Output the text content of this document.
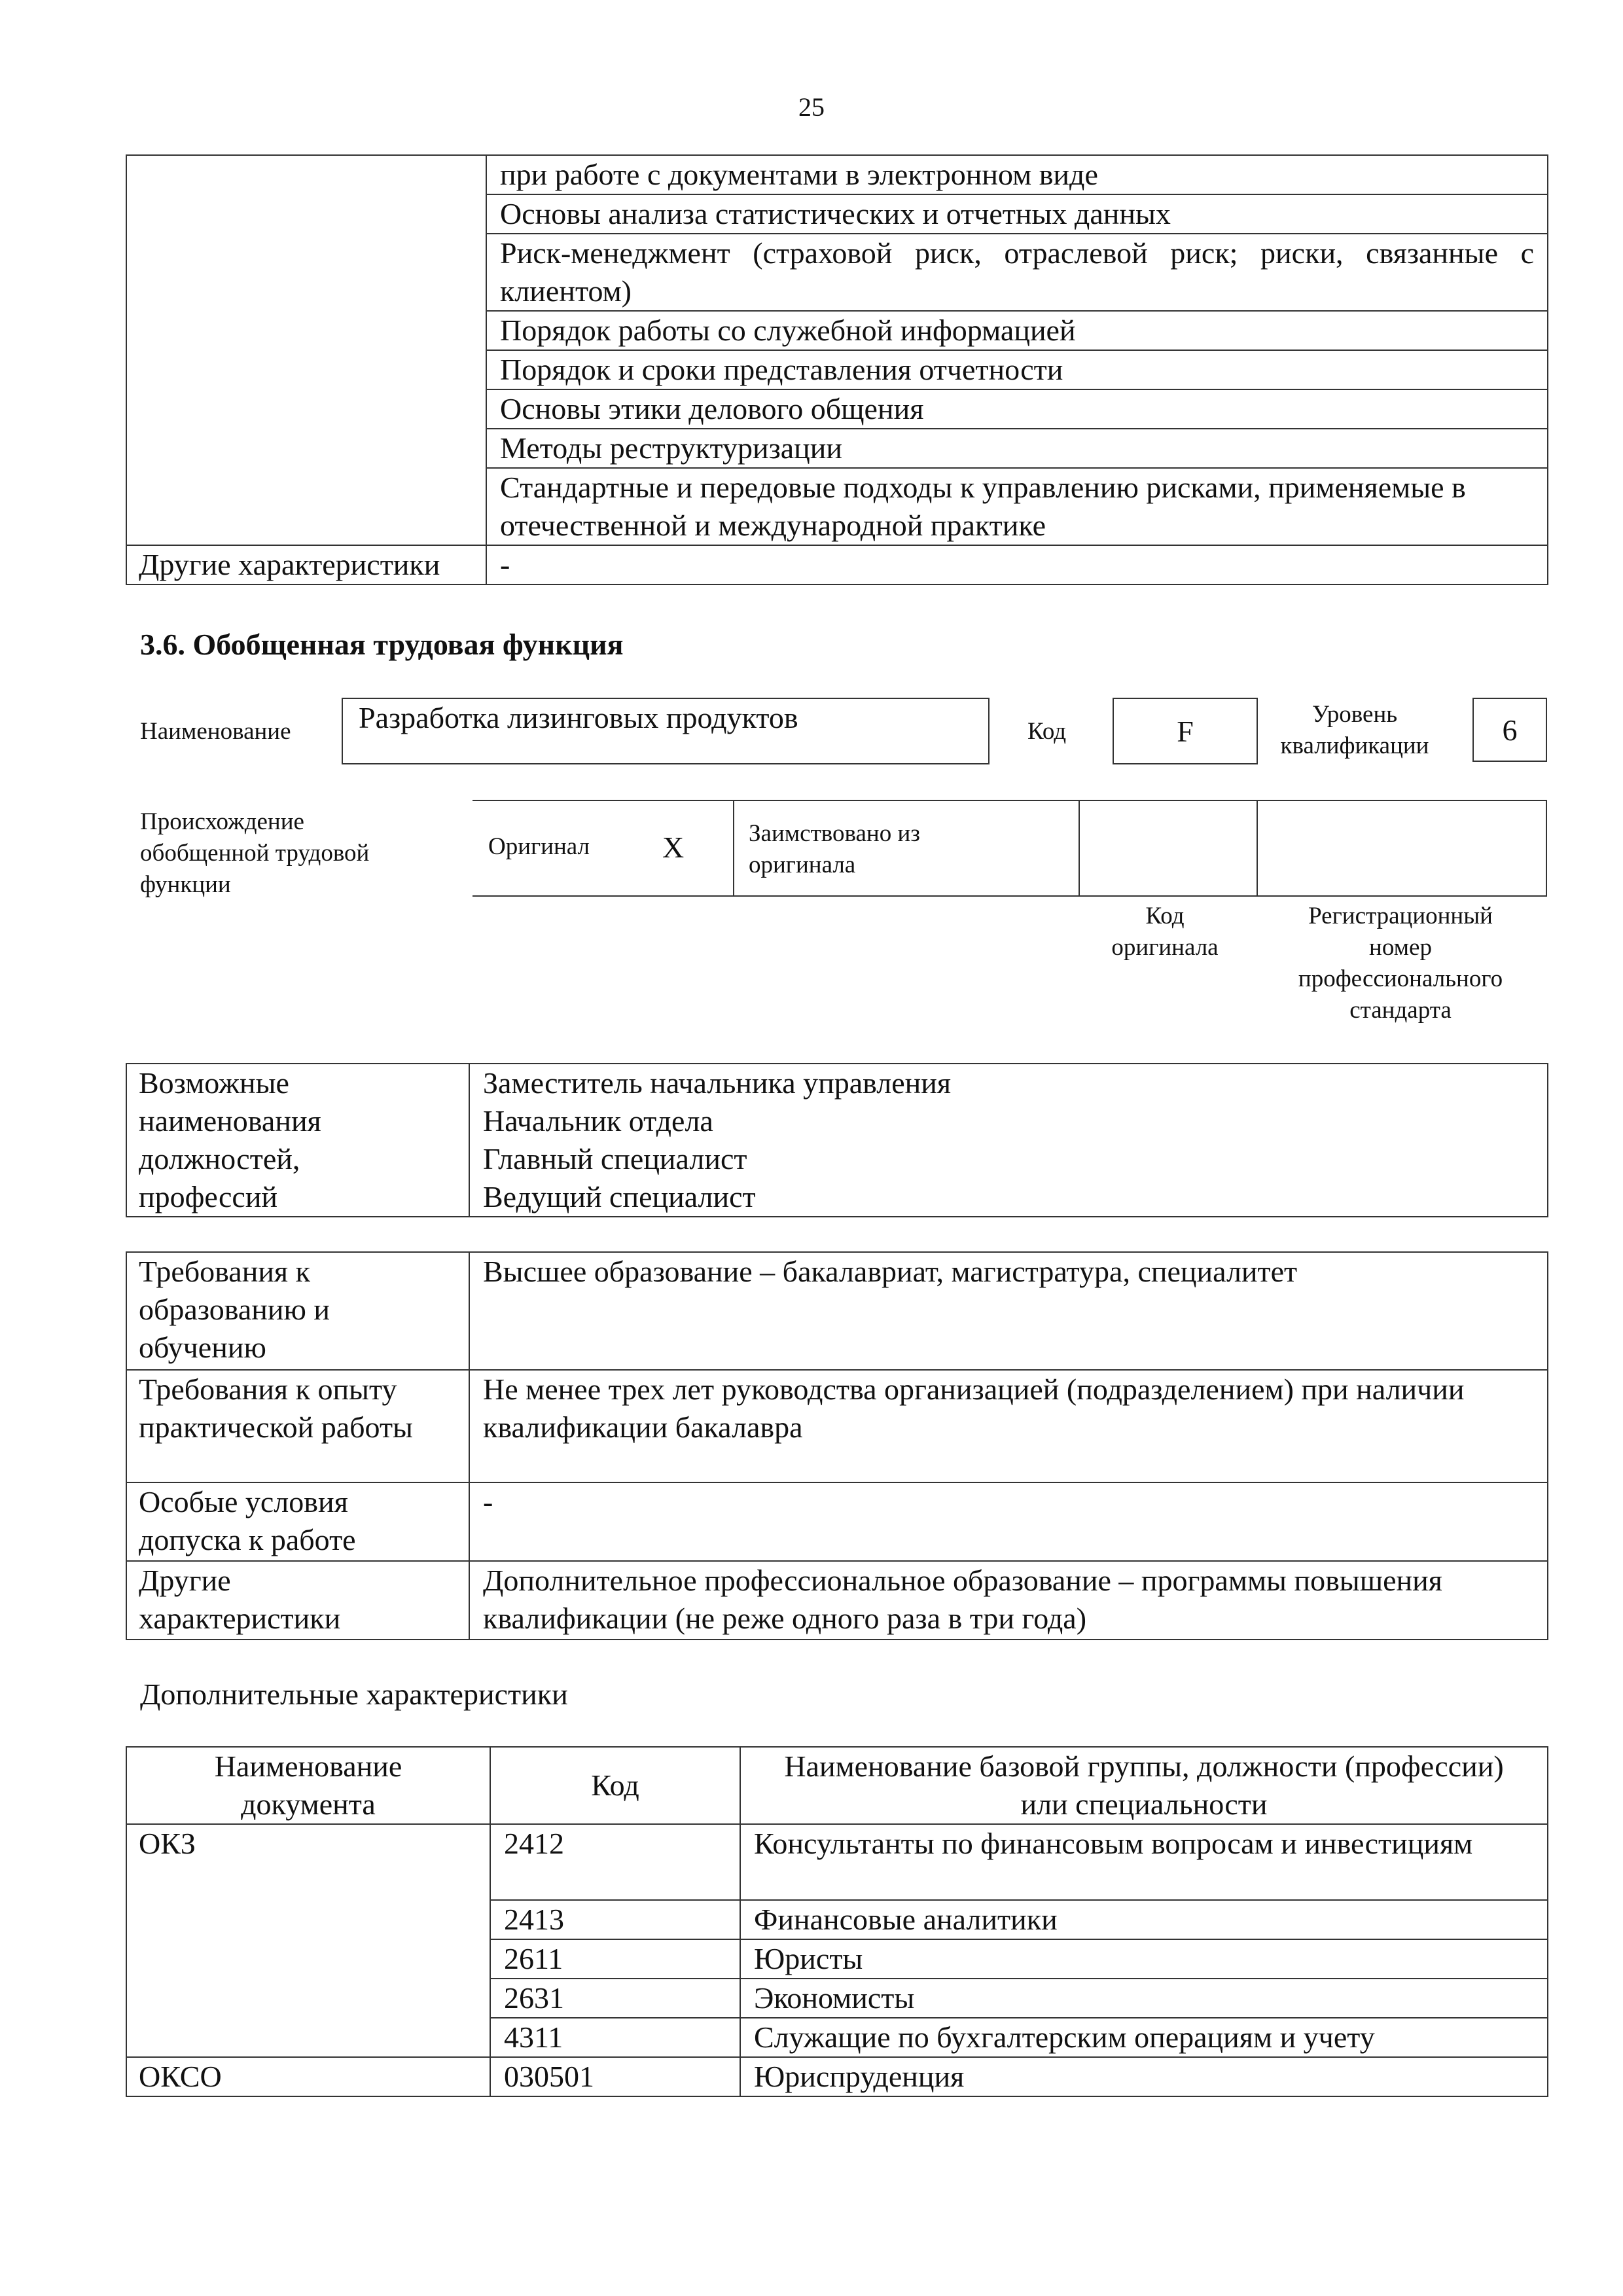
25

	при работе с документами в электронном виде

	Основы анализа статистических и отчетных данных

	Риск-менеджмент (страховой риск, отраслевой риск; риски, связанные с клиентом)

	Порядок работы со служебной информацией

	Порядок и сроки представления отчетности

	Основы этики делового общения

	Методы реструктуризации

	Стандартные и передовые подходы к управлению рисками, применяемые в отечественной и международной практике

Другие характеристики	-
3.6. Обобщенная трудовая функция
Наименование	Разработка лизинговых продуктов	Код	F
Уровень квалификации	6
Происхождение обобщенной трудовой функции
Оригинал X	Заимствовано из оригинала
Код оригинала
Регистрационный номер профессионального стандарта
Возможные наименования должностей, профессий

Заместитель начальника управления
Начальник отдела
Главный специалист
Ведущий специалист
Требования к образованию и обучению	Высшее образование – бакалавриат, магистратура, специалитет

Требования к опыту практической работы	Не менее трех лет руководства организацией (подразделением) при наличии квалификации бакалавра

Особые условия допуска к работе	-

Другие характеристики	Дополнительное профессиональное образование – программы повышения квалификации (не реже одного раза в три года)
Дополнительные характеристики
Наименование документа	Код	Наименование базовой группы, должности (профессии) или специальности

ОКЗ	2412	Консультанты по финансовым вопросам и инвестициям

	2413	Финансовые аналитики

	2611	Юристы

	2631	Экономисты

	4311	Служащие по бухгалтерским операциям и учету

ОКСО	030501	Юриспруденция
